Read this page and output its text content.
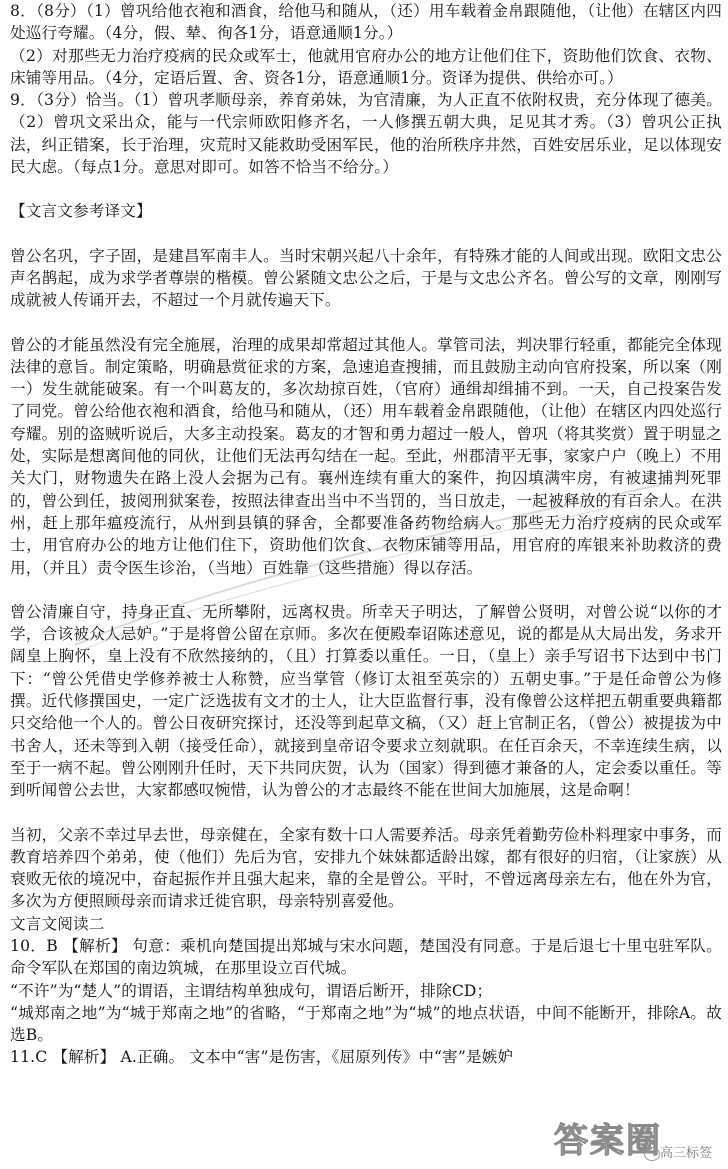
8．（8分）（1）曾巩给他衣袍和酒食，给他马和随从，（还）用车载着金帛跟随他，（让他）在辖区内四处巡行夸耀。（4分，假、辇、徇各1分，语意通顺1分。）

（2）对那些无力治疗疫病的民众或军士，他就用官府办公的地方让他们住下，资助他们饮食、衣物、床铺等用品。（4分，定语后置、舍、资各1分，语意通顺1分。资译为提供、供给亦可。）

9．（3分）恰当。（1）曾巩孝顺母亲，养育弟妹，为官清廉，为人正直不依附权贵，充分体现了德美。（2）曾巩文采出众，能与一代宗师欧阳修齐名，一人修撰五朝大典，足见其才秀。（3）曾巩公正执法，纠正错案，长于治理，灾荒时又能救助受困军民，他的治所秩序井然，百姓安居乐业，足以体现安民大虑。（每点1分。意思对即可。如答不恰当不给分。）

【文言文参考译文】

曾公名巩，字子固，是建昌军南丰人。当时宋朝兴起八十余年，有特殊才能的人间或出现。欧阳文忠公声名鹊起，成为求学者尊崇的楷模。曾公紧随文忠公之后，于是与文忠公齐名。曾公写的文章，刚刚写成就被人传诵开去，不超过一个月就传遍天下。

曾公的才能虽然没有完全施展，治理的成果却常超过其他人。掌管司法，判决罪行轻重，都能完全体现法律的意旨。制定策略，明确悬赏征求的方案，急速追查搜捕，而且鼓励主动向官府投案，所以案（刚一）发生就能破案。有一个叫葛友的，多次劫掠百姓，（官府）通缉却缉捕不到。一天，自己投案告发了同党。曾公给他衣袍和酒食，给他马和随从，（还）用车载着金帛跟随他，（让他）在辖区内四处巡行夸耀。别的盗贼听说后，大多主动投案。葛友的才智和勇力超过一般人，曾巩（将其奖赏）置于明显之处，实际是想离间他的同伙，让他们无法再勾结在一起。至此，州郡清平无事，家家户户（晚上）不用关大门，财物遗失在路上没人会据为己有。襄州连续有重大的案件，拘囚填满牢房，有被逮捕判死罪的，曾公到任，披阅刑狱案卷，按照法律查出当中不当罚的，当日放走，一起被释放的有百余人。在洪州，赶上那年瘟疫流行，从州到县镇的驿舍，全都要准备药物给病人。那些无力治疗疫病的民众或军士，用官府办公的地方让他们住下，资助他们饮食、衣物床铺等用品，用官府的库银来补助救济的费用，（并且）责令医生诊治，（当地）百姓靠（这些措施）得以存活。

曾公清廉自守，持身正直、无所攀附，远离权贵。所幸天子明达，了解曾公贤明，对曾公说“以你的才学，合该被众人忌妒。”于是将曾公留在京师。多次在便殿奉诏陈述意见，说的都是从大局出发，务求开阔皇上胸怀，皇上没有不欣然接纳的，（且）打算委以重任。一日，（皇上）亲手写诏书下达到中书门下：“曾公凭借史学修养被士人称赞，应当掌管（修订太祖至英宗的）五朝史事。”于是任命曾公为修撰。近代修撰国史，一定广泛选拔有文才的士人，让大臣监督行事，没有像曾公这样把五朝重要典籍都只交给他一个人的。曾公日夜研究探讨，还没等到起草文稿，（又）赶上官制正名，（曾公）被提拔为中书舍人，还未等到入朝（接受任命），就接到皇帝诏令要求立刻就职。在任百余天，不幸连续生病，以至于一病不起。曾公刚刚升任时，天下共同庆贺，认为（国家）得到德才兼备的人，定会委以重任。等到听闻曾公去世，大家都感叹惋惜，认为曾公的才志最终不能在世间大加施展，这是命啊！

当初，父亲不幸过早去世，母亲健在，全家有数十口人需要养活。母亲凭着勤劳俭朴料理家中事务，而教育培养四个弟弟，使（他们）先后为官，安排九个妹妹都适龄出嫁，都有很好的归宿，（让家族）从衰败无依的境况中，奋起振作并且强大起来，靠的全是曾公。平时，不曾远离母亲左右，他在外为官，多次为方便照顾母亲而请求迁徙官职，母亲特别喜爱他。

文言文阅读二

10．B 【解析】 句意：乘机向楚国提出郑城与宋水问题，楚国没有同意。于是后退七十里屯驻军队。命令军队在郑国的南边筑城，在那里设立百代城。

“不许”为“楚人”的谓语，主谓结构单独成句，谓语后断开，排除CD；

“城郑南之地”为“城于郑南之地”的省略，“于郑南之地”为“城”的地点状语，中间不能断开，排除A。故选B。

11.C 【解析】 A.正确。 文本中“害”是伤害，《屈原列传》中“害”是嫉妒

答案圈
高三标签
